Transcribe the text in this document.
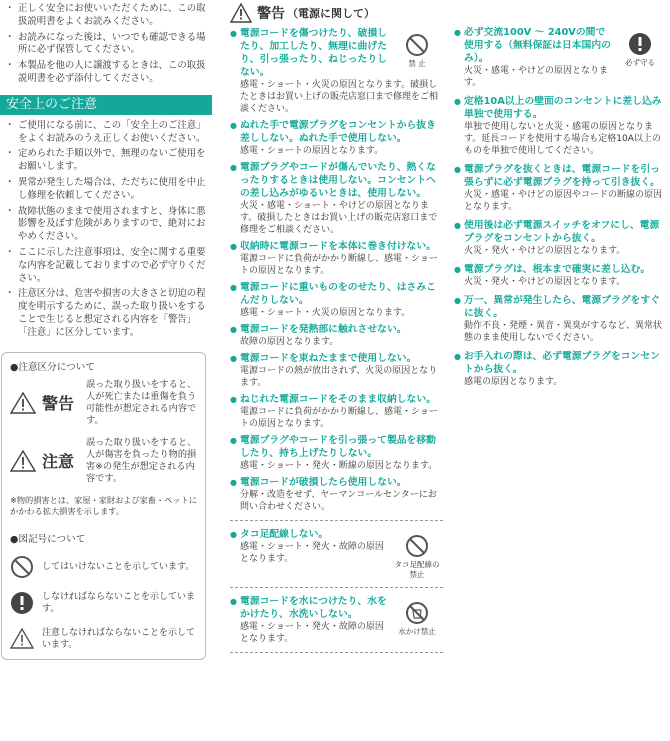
・ 正しく安全にお使いいただくために、この取扱説明書をよくお読みください。
・ お読みになった後は、いつでも確認できる場所に必ず保管してください。
・ 本製品を他の人に譲渡するときは、この取扱説明書を必ず添付してください。
安全上のご注意
・ ご使用になる前に、この「安全上のご注意」をよくお読みのうえ正しくお使いください。
・ 定められた手順以外で、無理のないご使用をお願いします。
・ 異常が発生した場合は、ただちに使用を中止し修理を依頼してください。
・ 故障状態のままで使用されますと、身体に悪影響を及ぼす危険がありますので、絶対におやめください。
・ ここに示した注意事項は、安全に関する重要な内容を記載しておりますので必ず守りください。
・ 注意区分は、危害や損害の大きさと切迫の程度を明示するために、誤った取り扱いをすることで生じると想定される内容を「警告」「注意」に区分しています。
●注意区分について
警告
誤った取り扱いをすると、人が死亡または重傷を負う可能性が想定される内容です。
注意
誤った取り扱いをすると、人が傷害を負ったり物的損害※の発生が想定される内容です。
※物的損害とは、家屋・家財および家畜・ペットにかかわる拡大損害を示します。
●図記号について
してはいけないことを示しています。
しなければならないことを示しています。
注意しなければならないことを示しています。
警告 （電源に関して）
● 電源コードを傷つけたり、破損したり、加工したり、無理に曲げたり、引っ張ったり、ねじったりしない。
禁 止
感電・ショート・火災の原因となります。破損したときはお買い上げの販売店窓口まで修理をご相談ください。
● ぬれた手で電源プラグをコンセントから抜き差ししない。ぬれた手で使用しない。
感電・ショートの原因となります。
● 電源プラグやコードが傷んでいたり、熱くなったりするときは使用しない。コンセントへの差し込みがゆるいときは、使用しない。
火災・感電・ショート・やけどの原因となります。破損したときはお買い上げの販売店窓口まで修理をご相談ください。
● 収納時に電源コードを本体に巻き付けない。
電源コードに負荷がかかり断線し、感電・ショートの原因となります。
● 電源コードに重いものをのせたり、はさみこんだりしない。
感電・ショート・火災の原因となります。
● 電源コードを発熱部に触れさせない。
故障の原因となります。
● 電源コードを束ねたままで使用しない。
電源コードの熱が放出されず、火災の原因となります。
● ねじれた電源コードをそのまま収納しない。
電源コードに負荷がかかり断線し、感電・ショートの原因となります。
● 電源プラグやコードを引っ張って製品を移動したり、持ち上げたりしない。
感電・ショート・発火・断線の原因となります。
● 電源コードが破損したら使用しない。
分解・改造をせず、ヤーマンコールセンターにお問い合わせください。
● タコ足配線しない。
感電・ショート・発火・故障の原因となります。
タコ足配線の禁止
● 電源コードを水につけたり、水をかけたり、水洗いしない。
感電・ショート・発火・故障の原因となります。
水かけ禁止
● 必ず交流100V ～ 240Vの間で使用する（無料保証は日本国内のみ）。
火災・感電・やけどの原因となります。
必ず守る
● 定格10A以上の壁面のコンセントに差し込み単独で使用する。
単独で使用しないと火災・感電の原因となります。延長コードを使用する場合も定格10A以上のものを単独で使用してください。
● 電源プラグを抜くときは、電源コードを引っ張らずに必ず電源プラグを持って引き抜く。
火災・感電・やけどの原因やコードの断線の原因となります。
● 使用後は必ず電源スイッチをオフにし、電源プラグをコンセントから抜く。
火災・発火・やけどの原因となります。
● 電源プラグは、根本まで確実に差し込む。
火災・発火・やけどの原因となります。
● 万一、異常が発生したら、電源プラグをすぐに抜く。
動作不良・発煙・異音・異臭がするなど、異常状態のまま使用しないでください。
● お手入れの際は、必ず電源プラグをコンセントから抜く。
感電の原因となります。
